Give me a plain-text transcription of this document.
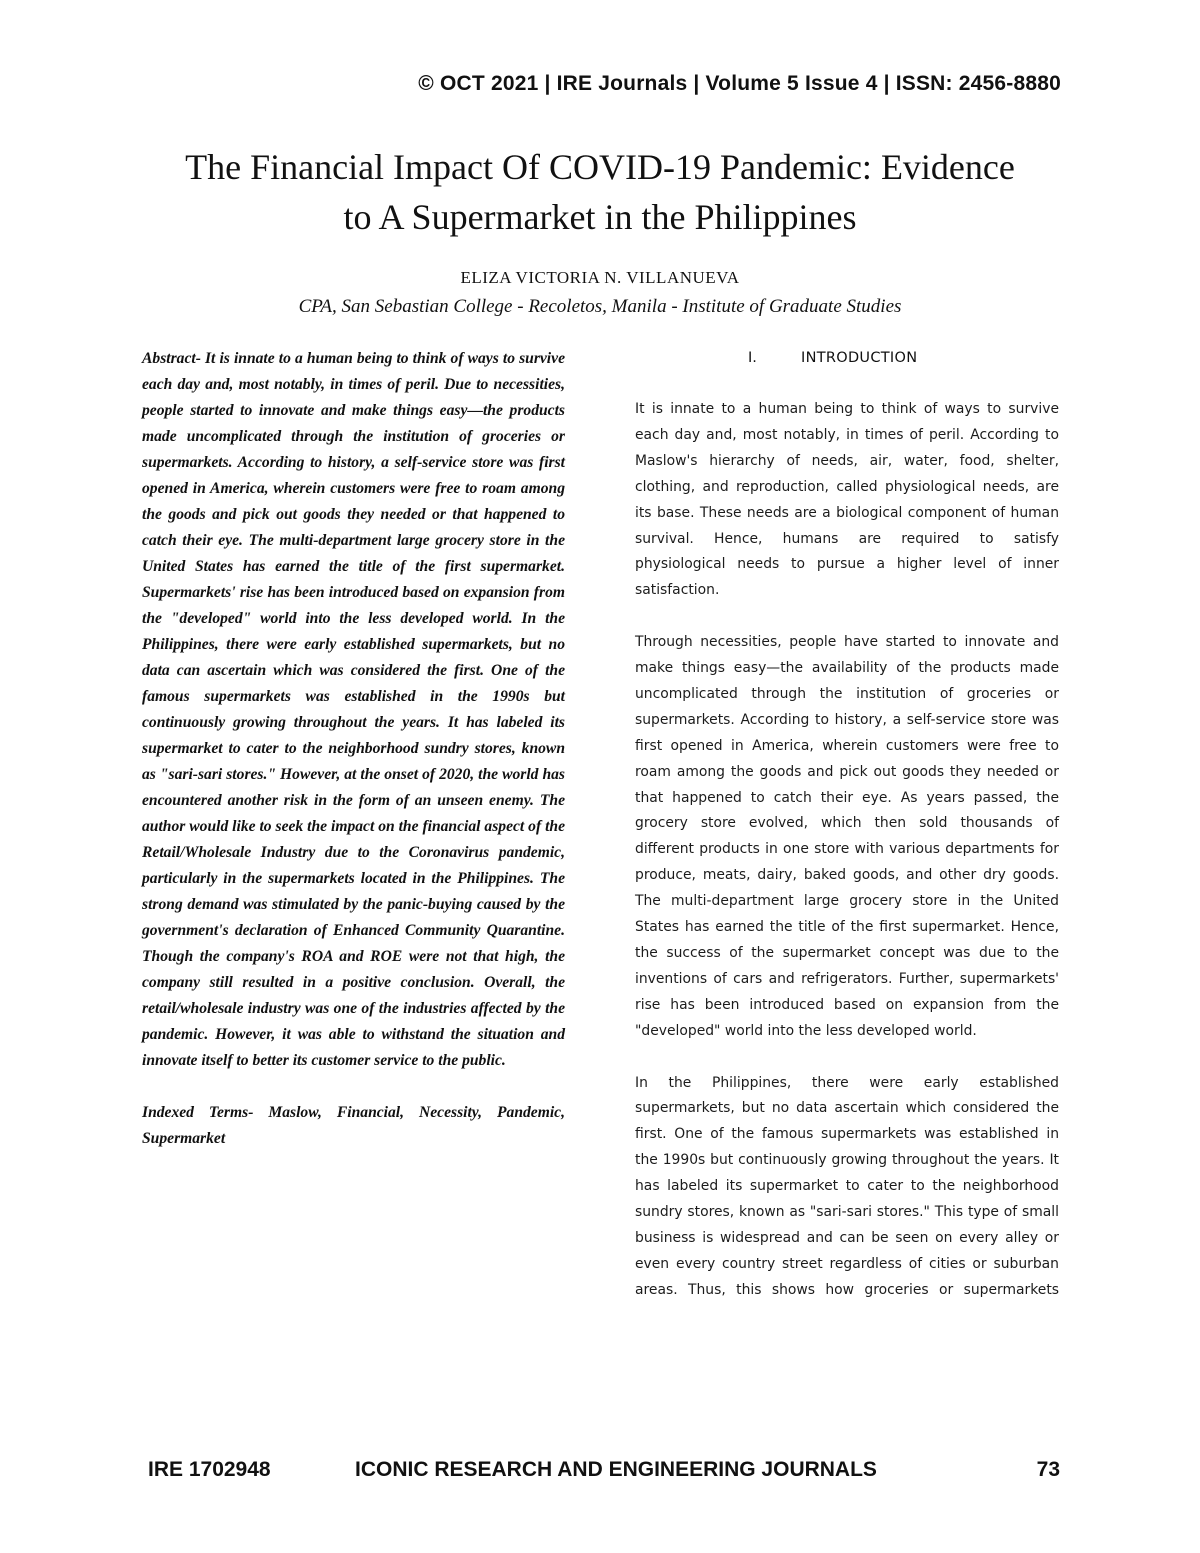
© OCT 2021 | IRE Journals | Volume 5 Issue 4 | ISSN: 2456-8880
The Financial Impact Of COVID-19 Pandemic: Evidence
to A Supermarket in the Philippines
ELIZA VICTORIA N. VILLANUEVA
CPA, San Sebastian College - Recoletos, Manila - Institute of Graduate Studies

Abstract- It is innate to a human being to think of ways to survive each day and, most notably, in times of peril. Due to necessities, people started to innovate and make things easy—the products made uncomplicated through the institution of groceries or supermarkets. According to history, a self-service store was first opened in America, wherein customers were free to roam among the goods and pick out goods they needed or that happened to catch their eye. The multi-department large grocery store in the United States has earned the title of the first supermarket. Supermarkets' rise has been introduced based on expansion from the "developed" world into the less developed world. In the Philippines, there were early established supermarkets, but no data can ascertain which was considered the first. One of the famous supermarkets was established in the 1990s but continuously growing throughout the years. It has labeled its supermarket to cater to the neighborhood sundry stores, known as "sari-sari stores." However, at the onset of 2020, the world has encountered another risk in the form of an unseen enemy. The author would like to seek the impact on the financial aspect of the Retail/Wholesale Industry due to the Coronavirus pandemic, particularly in the supermarkets located in the Philippines. The strong demand was stimulated by the panic-buying caused by the government's declaration of Enhanced Community Quarantine. Though the company's ROA and ROE were not that high, the company still resulted in a positive conclusion. Overall, the retail/wholesale industry was one of the industries affected by the pandemic. However, it was able to withstand the situation and innovate itself to better its customer service to the public.

Indexed Terms- Maslow, Financial, Necessity, Pandemic, Supermarket

I.	INTRODUCTION

It is innate to a human being to think of ways to survive each day and, most notably, in times of peril. According to Maslow's hierarchy of needs, air, water, food, shelter, clothing, and reproduction, called physiological needs, are its base. These needs are a biological component of human survival. Hence, humans are required to satisfy physiological needs to pursue a higher level of inner satisfaction.

Through necessities, people have started to innovate and make things easy—the availability of the products made uncomplicated through the institution of groceries or supermarkets. According to history, a self-service store was first opened in America, wherein customers were free to roam among the goods and pick out goods they needed or that happened to catch their eye. As years passed, the grocery store evolved, which then sold thousands of different products in one store with various departments for produce, meats, dairy, baked goods, and other dry goods. The multi-department large grocery store in the United States has earned the title of the first supermarket. Hence, the success of the supermarket concept was due to the inventions of cars and refrigerators. Further, supermarkets' rise has been introduced based on expansion from the "developed" world into the less developed world.

In the Philippines, there were early established supermarkets, but no data ascertain which considered the first. One of the famous supermarkets was established in the 1990s but continuously growing throughout the years. It has labeled its supermarket to cater to the neighborhood sundry stores, known as "sari-sari stores." This type of small business is widespread and can be seen on every alley or even every country street regardless of cities or suburban areas. Thus, this shows how groceries or supermarkets

IRE 1702948	ICONIC RESEARCH AND ENGINEERING JOURNALS	73
